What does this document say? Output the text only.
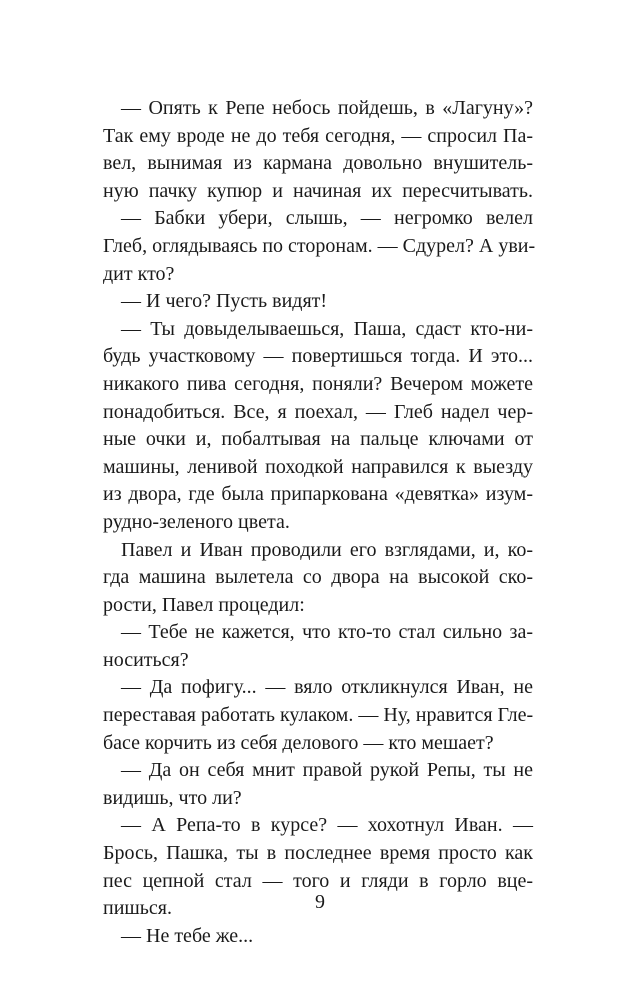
— Опять к Репе небось пойдешь, в «Лагуну»?
Так ему вроде не до тебя сегодня, — спросил Па-
вел, вынимая из кармана довольно внушитель-
ную пачку купюр и начиная их пересчитывать.
— Бабки убери, слышь, — негромко велел
Глеб, оглядываясь по сторонам. — Сдурел? А уви-
дит кто?
— И чего? Пусть видят!
— Ты довыделываешься, Паша, сдаст кто-ни-
будь участковому — повертишься тогда. И это...
никакого пива сегодня, поняли? Вечером можете
понадобиться. Все, я поехал, — Глеб надел чер-
ные очки и, побалтывая на пальце ключами от
машины, ленивой походкой направился к выезду
из двора, где была припаркована «девятка» изум-
рудно-зеленого цвета.
Павел и Иван проводили его взглядами, и, ко-
гда машина вылетела со двора на высокой ско-
рости, Павел процедил:
— Тебе не кажется, что кто-то стал сильно за-
носиться?
— Да пофигу... — вяло откликнулся Иван, не
переставая работать кулаком. — Ну, нравится Гле-
басе корчить из себя делового — кто мешает?
— Да он себя мнит правой рукой Репы, ты не
видишь, что ли?
— А Репа-то в курсе? — хохотнул Иван. —
Брось, Пашка, ты в последнее время просто как
пес цепной стал — того и гляди в горло вце-
пишься.
— Не тебе же...
9
